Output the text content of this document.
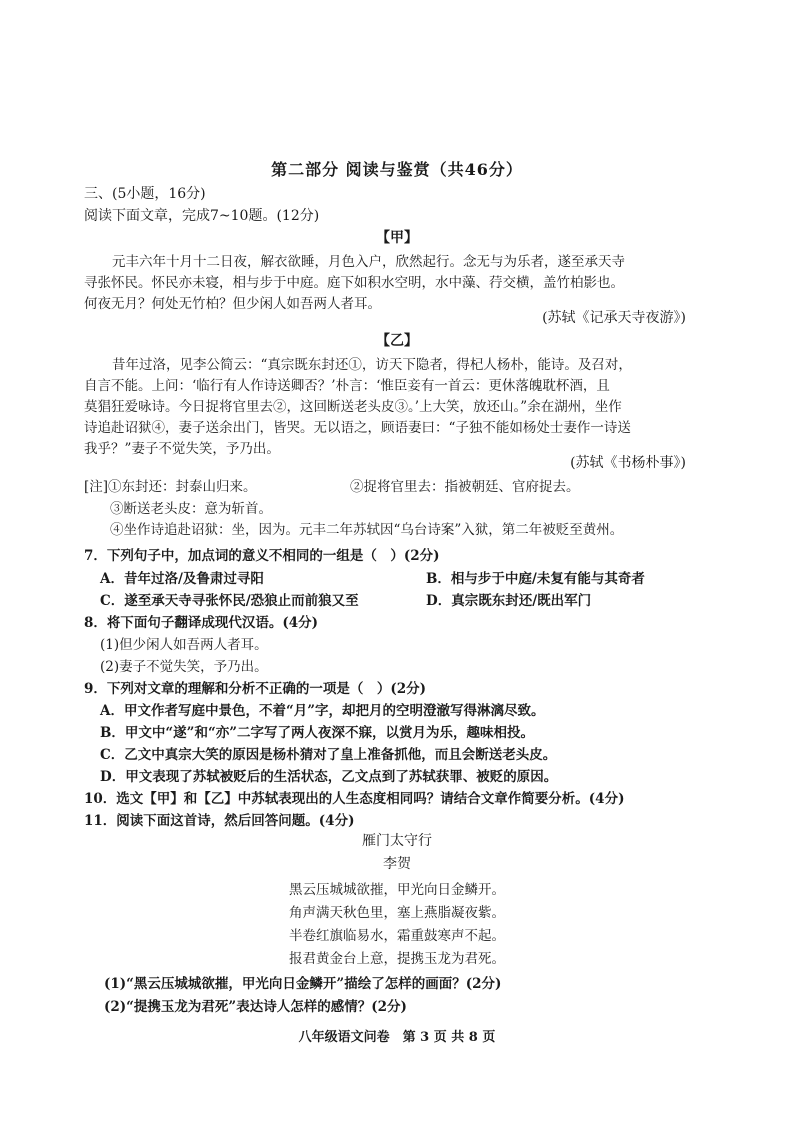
第二部分 阅读与鉴赏（共46分）
三、(5小题，16分)
阅读下面文章，完成7~10题。(12分)
【甲】
元丰六年十月十二日夜，解衣欲睡，月色入户，欣然起行。念无与为乐者，遂至承天寺
寻张怀民。怀民亦未寝，相与步于中庭。庭下如积水空明，水中藻、荇交横，盖竹柏影也。
何夜无月？何处无竹柏？但少闲人如吾两人者耳。
(苏轼《记承天寺夜游》)
【乙】
昔年过洛，见李公简云：“真宗既东封还①，访天下隐者，得杞人杨朴，能诗。及召对，
自言不能。上问：‘临行有人作诗送卿否？’朴言：‘惟臣妾有一首云：更休落魄耽杯酒，且
莫猖狂爱咏诗。今日捉将官里去②，这回断送老头皮③。’上大笑，放还山。”余在湖州，坐作
诗追赴诏狱④，妻子送余出门，皆哭。无以语之，顾语妻曰：“子独不能如杨处士妻作一诗送
我乎？”妻子不觉失笑，予乃出。
(苏轼《书杨朴事》)
[注]①东封还：封泰山归来。	②捉将官里去：指被朝廷、官府捉去。
③断送老头皮：意为斩首。
④坐作诗追赴诏狱：坐，因为。元丰二年苏轼因“乌台诗案”入狱，第二年被贬至黄州。
7．下列句子中，加点词的意义不相同的一组是（　）(2分)
A．昔年过洛/及鲁肃过寻阳	B．相与步于中庭/未复有能与其奇者
C．遂至承天寺寻张怀民/恐狼止而前狼又至	D．真宗既东封还/既出军门
8．将下面句子翻译成现代汉语。(4分)
(1)但少闲人如吾两人者耳。
(2)妻子不觉失笑，予乃出。
9．下列对文章的理解和分析不正确的一项是（　）(2分)
A．甲文作者写庭中景色，不着“月”字，却把月的空明澄澈写得淋漓尽致。
B．甲文中“遂”和“亦”二字写了两人夜深不寐，以赏月为乐，趣味相投。
C．乙文中真宗大笑的原因是杨朴猜对了皇上准备抓他，而且会断送老头皮。
D．甲文表现了苏轼被贬后的生活状态，乙文点到了苏轼获罪、被贬的原因。
10．选文【甲】和【乙】中苏轼表现出的人生态度相同吗？请结合文章作简要分析。(4分)
11．阅读下面这首诗，然后回答问题。(4分)
雁门太守行
李贺
黑云压城城欲摧，甲光向日金鳞开。
角声满天秋色里，塞上燕脂凝夜紫。
半卷红旗临易水，霜重鼓寒声不起。
报君黄金台上意，提携玉龙为君死。
(1)“黑云压城城欲摧，甲光向日金鳞开”描绘了怎样的画面？(2分)
(2)“提携玉龙为君死”表达诗人怎样的感情？(2分)
八年级语文问卷　第 3 页 共 8 页
